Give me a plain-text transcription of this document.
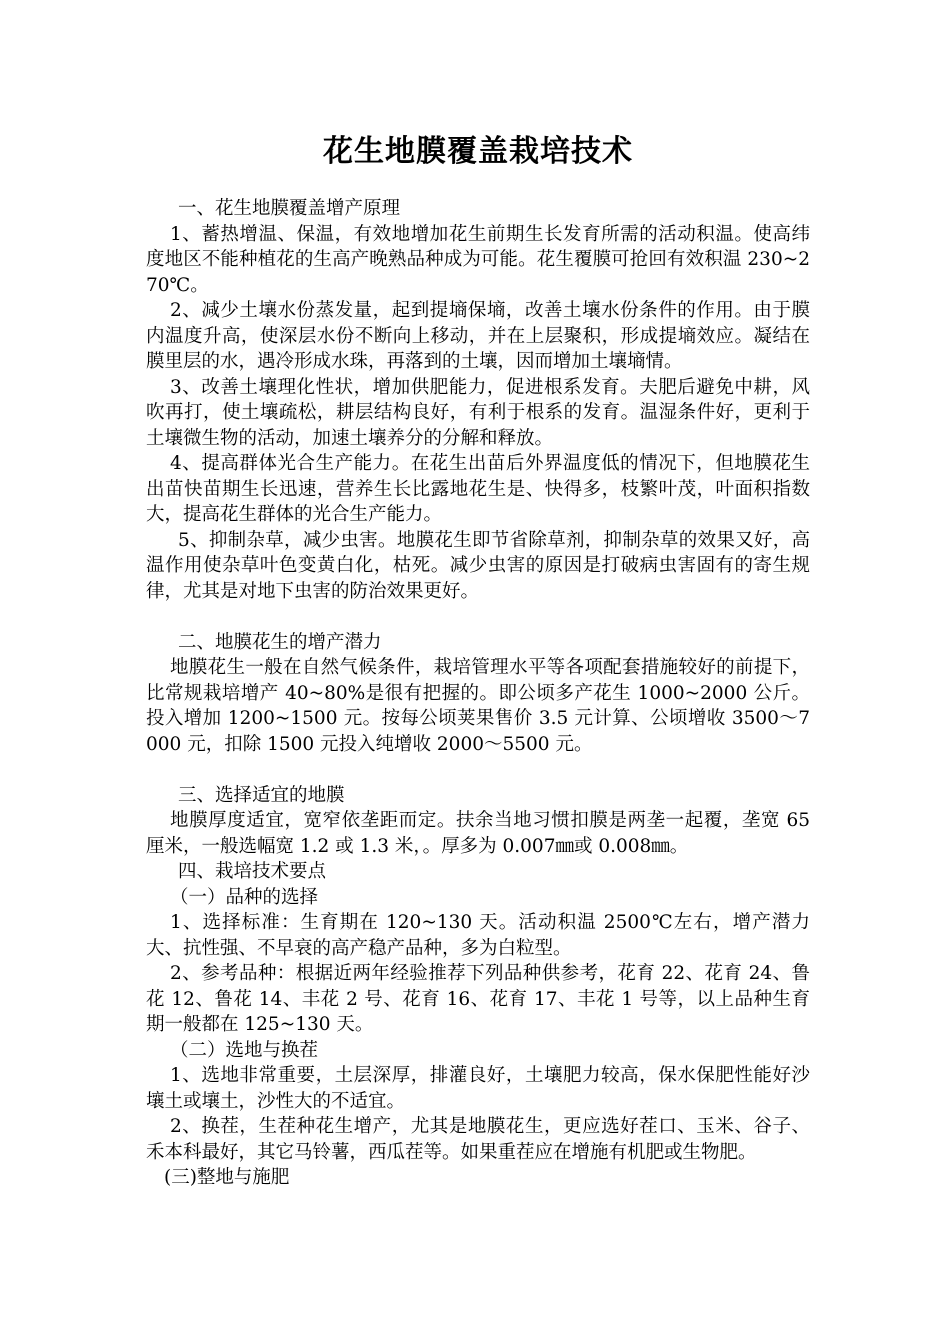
花生地膜覆盖栽培技术
一、花生地膜覆盖增产原理
1、蓄热增温、保温，有效地增加花生前期生长发育所需的活动积温。使高纬度地区不能种植花的生高产晚熟品种成为可能。花生覆膜可抢回有效积温 230~270℃。
2、减少土壤水份蒸发量，起到提墒保墒，改善土壤水份条件的作用。由于膜内温度升高，使深层水份不断向上移动，并在上层聚积，形成提墒效应。凝结在膜里层的水，遇冷形成水珠，再落到的土壤，因而增加土壤墒情。
3、改善土壤理化性状，增加供肥能力，促进根系发育。夫肥后避免中耕，风吹再打，使土壤疏松，耕层结构良好，有利于根系的发育。温湿条件好，更利于土壤微生物的活动，加速土壤养分的分解和释放。
4、提高群体光合生产能力。在花生出苗后外界温度低的情况下，但地膜花生出苗快苗期生长迅速，营养生长比露地花生是、快得多，枝繁叶茂，叶面积指数大，提高花生群体的光合生产能力。
5、抑制杂草，减少虫害。地膜花生即节省除草剂，抑制杂草的效果又好，高温作用使杂草叶色变黄白化，枯死。减少虫害的原因是打破病虫害固有的寄生规律，尤其是对地下虫害的防治效果更好。
二、地膜花生的增产潜力
地膜花生一般在自然气候条件，栽培管理水平等各项配套措施较好的前提下，比常规栽培增产 40~80%是很有把握的。即公顷多产花生 1000~2000 公斤。投入增加 1200~1500 元。按每公顷荚果售价 3.5 元计算、公顷增收 3500～7000 元，扣除 1500 元投入纯增收 2000～5500 元。
三、选择适宜的地膜
地膜厚度适宜，宽窄依垄距而定。扶余当地习惯扣膜是两垄一起覆，垄宽 65 厘米，一般选幅宽 1.2 或 1.3 米，。厚多为 0.007㎜或 0.008㎜。
四、栽培技术要点
（一）品种的选择
1、选择标准：生育期在 120~130 天。活动积温 2500℃左右，增产潜力大、抗性强、不早衰的高产稳产品种，多为白粒型。
2、参考品种：根据近两年经验推荐下列品种供参考，花育 22、花育 24、鲁花 12、鲁花 14、丰花 2 号、花育 16、花育 17、丰花 1 号等，以上品种生育期一般都在 125~130 天。
（二）选地与换茬
1、选地非常重要，土层深厚，排灌良好，土壤肥力较高，保水保肥性能好沙壤土或壤土，沙性大的不适宜。
2、换茬，生茬种花生增产，尤其是地膜花生，更应选好茬口、玉米、谷子、禾本科最好，其它马铃薯，西瓜茬等。如果重茬应在增施有机肥或生物肥。
(三)整地与施肥
